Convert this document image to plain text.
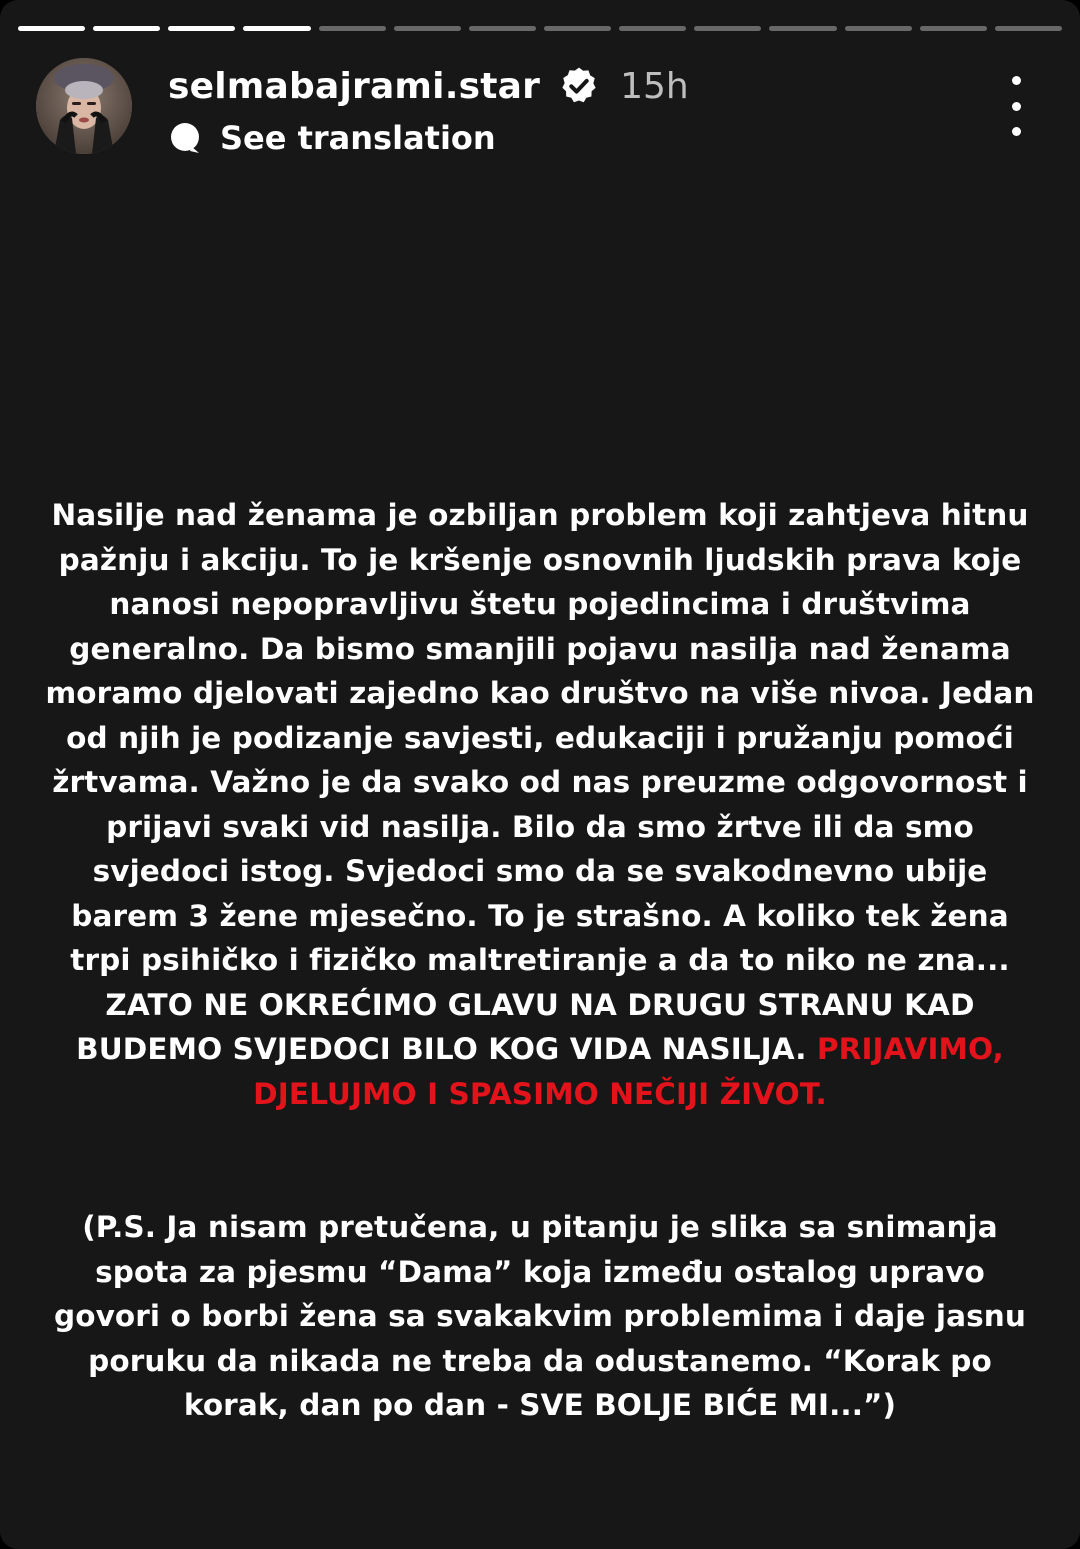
selmabajrami.star 15h
See translation
Nasilje nad ženama je ozbiljan problem koji zahtjeva hitnu pažnju i akciju. To je kršenje osnovnih ljudskih prava koje nanosi nepopravljivu štetu pojedincima i društvima generalno. Da bismo smanjili pojavu nasilja nad ženama moramo djelovati zajedno kao društvo na više nivoa. Jedan od njih je podizanje savjesti, edukaciji i pružanju pomoći žrtvama. Važno je da svako od nas preuzme odgovornost i prijavi svaki vid nasilja. Bilo da smo žrtve ili da smo svjedoci istog. Svjedoci smo da se svakodnevno ubije barem 3 žene mjesečno. To je strašno. A koliko tek žena trpi psihičko i fizičko maltretiranje a da to niko ne zna... ZATO NE OKREĆIMO GLAVU NA DRUGU STRANU KAD BUDEMO SVJEDOCI BILO KOG VIDA NASILJA. PRIJAVIMO, DJELUJMO I SPASIMO NEČIJI ŽIVOT.
(P.S. Ja nisam pretučena, u pitanju je slika sa snimanja spota za pjesmu “Dama” koja između ostalog upravo govori o borbi žena sa svakakvim problemima i daje jasnu poruku da nikada ne treba da odustanemo. “Korak po korak, dan po dan - SVE BOLJE BIĆE MI...”)
